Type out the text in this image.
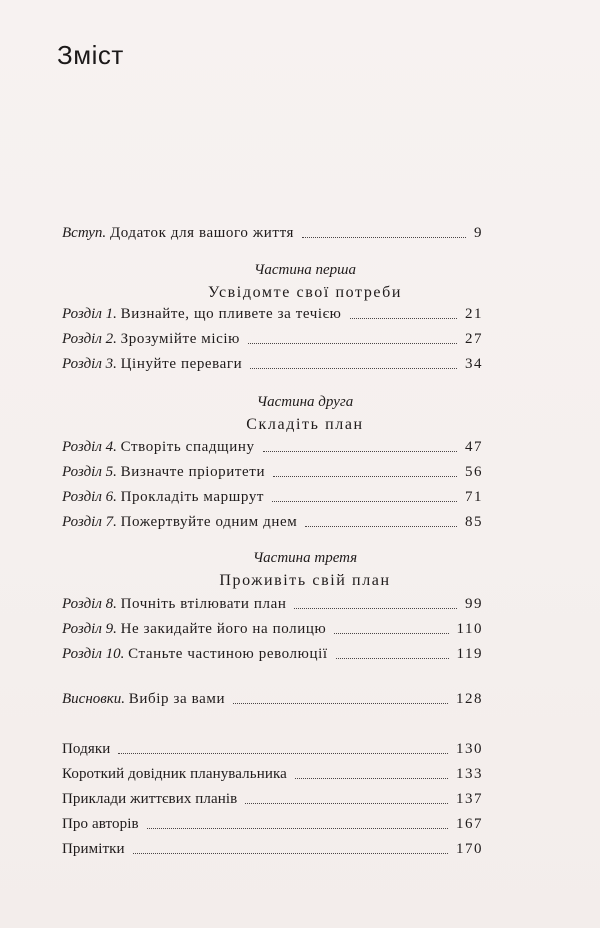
Зміст
Вступ. Додаток для вашого життя	9
Частина перша
Усвідомте свої потреби
Розділ 1. Визнайте, що пливете за течією	21
Розділ 2. Зрозумійте місію	27
Розділ 3. Цінуйте переваги	34
Частина друга
Складіть план
Розділ 4. Створіть спадщину	47
Розділ 5. Визначте пріоритети	56
Розділ 6. Прокладіть маршрут	71
Розділ 7. Пожертвуйте одним днем	85
Частина третя
Проживіть свій план
Розділ 8. Почніть втілювати план	99
Розділ 9. Не закидайте його на полицю	110
Розділ 10. Станьте частиною революції	119
Висновки. Вибір за вами	128
Подяки	130
Короткий довідник планувальника	133
Приклади життєвих планів	137
Про авторів	167
Примітки	170
